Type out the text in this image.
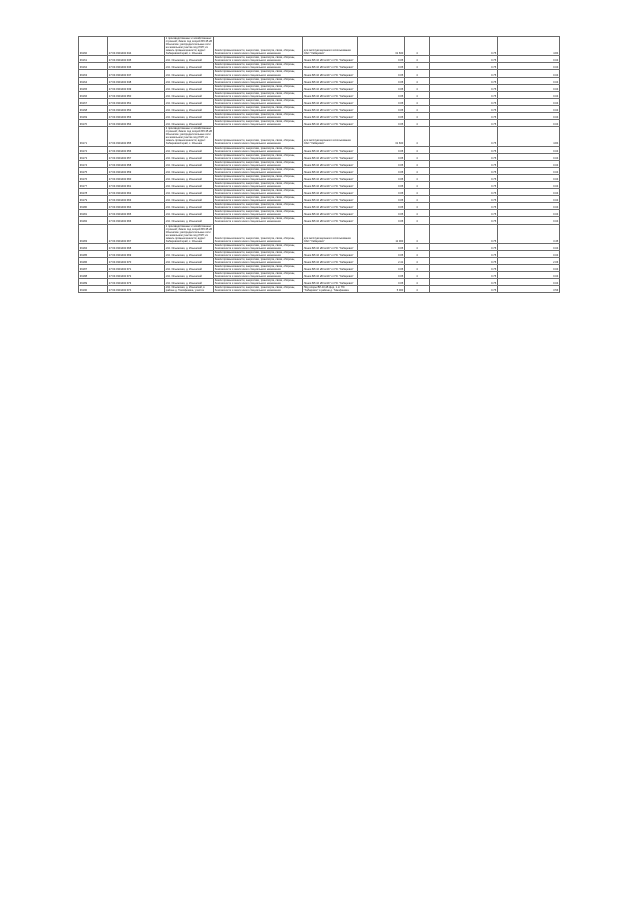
36160	27:04:0301402:944	1 производственных и хозяйственных строений; Земли под опорой ВЛ-35 кВ Ильинское; распределительные сети на земельном участке под ЛЭП; из земель промышленности; адрес: Хабаровский край, с. Ильинка	Земли промышленности, энергетики, транспорта, связи, обороны, безопасности и земли иного специального назначения	для эксплуатационного использования ОАО "Хабаровск"	31 600	4	0.75	4.84
36161	27:04:0301402:945	обл. Ильинская, д. Ильинский	Земли промышленности, энергетики, транспорта, связи, обороны, безопасности и земли иного специального назначения	Линия ВЛ-10 кВ №107 от ПС "Хабаровск"	0.05	4	0.75	0.04
36162	27:04:0301402:946	обл. Ильинская, д. Ильинский	Земли промышленности, энергетики, транспорта, связи, обороны, безопасности и земли иного специального назначения	Линия ВЛ-10 кВ №107 от ПС "Хабаровск"	0.05	4	0.75	0.04
36163	27:04:0301402:947	обл. Ильинская, д. Ильинский	Земли промышленности, энергетики, транспорта, связи, обороны, безопасности и земли иного специального назначения	Линия ВЛ-10 кВ №107 от ПС "Хабаровск"	0.05	4	0.75	0.04
36164	27:04:0301402:948	обл. Ильинская, д. Ильинский	Земли промышленности, энергетики, транспорта, связи, обороны, безопасности и земли иного специального назначения	Линия ВЛ-10 кВ №107 от ПС "Хабаровск"	0.05	4	0.75	0.04
36165	27:04:0301402:949	обл. Ильинская, д. Ильинский	Земли промышленности, энергетики, транспорта, связи, обороны, безопасности и земли иного специального назначения	Линия ВЛ-10 кВ №107 от ПС "Хабаровск"	0.05	4	0.75	0.04
36166	27:04:0301402:950	обл. Ильинская, д. Ильинский	Земли промышленности, энергетики, транспорта, связи, обороны, безопасности и земли иного специального назначения	Линия ВЛ-10 кВ №107 от ПС "Хабаровск"	0.05	4	0.75	0.04
36167	27:04:0301402:951	обл. Ильинская, д. Ильинский	Земли промышленности, энергетики, транспорта, связи, обороны, безопасности и земли иного специального назначения	Линия ВЛ-10 кВ №107 от ПС "Хабаровск"	0.05	4	0.75	0.04
36168	27:04:0301402:952	обл. Ильинская, д. Ильинский	Земли промышленности, энергетики, транспорта, связи, обороны, безопасности и земли иного специального назначения	Линия ВЛ-10 кВ №107 от ПС "Хабаровск"	0.05	4	0.75	0.04
36169	27:04:0301402:953	обл. Ильинская, д. Ильинский	Земли промышленности, энергетики, транспорта, связи, обороны, безопасности и земли иного специального назначения	Линия ВЛ-10 кВ №107 от ПС "Хабаровск"	0.05	4	0.75	0.04
36170	27:04:0301402:954	обл. Ильинская, д. Ильинский	Земли промышленности, энергетики, транспорта, связи, обороны, безопасности и земли иного специального назначения	Линия ВЛ-10 кВ №107 от ПС "Хабаровск"	0.05	4	0.75	0.04
36171	27:04:0301402:955	1 производственных и хозяйственных строений; Земли под опорой ВЛ-35 кВ Ильинское; распределительные сети на земельном участке под ЛЭП; из земель промышленности; адрес: Хабаровский край, с. Ильинка	Земли промышленности, энергетики, транспорта, связи, обороны, безопасности и земли иного специального назначения	для эксплуатационного использования ОАО "Хабаровск"	31 600	4	0.75	4.84
36172	27:04:0301402:956	обл. Ильинская, д. Ильинский	Земли промышленности, энергетики, транспорта, связи, обороны, безопасности и земли иного специального назначения	Линия ВЛ-10 кВ №107 от ПС "Хабаровск"	0.05	4	0.75	0.04
36173	27:04:0301402:957	обл. Ильинская, д. Ильинский	Земли промышленности, энергетики, транспорта, связи, обороны, безопасности и земли иного специального назначения	Линия ВЛ-10 кВ №107 от ПС "Хабаровск"	0.05	4	0.75	0.04
36174	27:04:0301402:958	обл. Ильинская, д. Ильинский	Земли промышленности, энергетики, транспорта, связи, обороны, безопасности и земли иного специального назначения	Линия ВЛ-10 кВ №107 от ПС "Хабаровск"	0.05	4	0.75	0.04
36175	27:04:0301402:959	обл. Ильинская, д. Ильинский	Земли промышленности, энергетики, транспорта, связи, обороны, безопасности и земли иного специального назначения	Линия ВЛ-10 кВ №107 от ПС "Хабаровск"	0.05	4	0.75	0.04
36176	27:04:0301402:960	обл. Ильинская, д. Ильинский	Земли промышленности, энергетики, транспорта, связи, обороны, безопасности и земли иного специального назначения	Линия ВЛ-10 кВ №107 от ПС "Хабаровск"	0.05	4	0.75	0.04
36177	27:04:0301402:961	обл. Ильинская, д. Ильинский	Земли промышленности, энергетики, транспорта, связи, обороны, безопасности и земли иного специального назначения	Линия ВЛ-10 кВ №107 от ПС "Хабаровск"	0.05	4	0.75	0.04
36178	27:04:0301402:962	обл. Ильинская, д. Ильинский	Земли промышленности, энергетики, транспорта, связи, обороны, безопасности и земли иного специального назначения	Линия ВЛ-10 кВ №107 от ПС "Хабаровск"	0.05	4	0.75	0.04
36179	27:04:0301402:963	обл. Ильинская, д. Ильинский	Земли промышленности, энергетики, транспорта, связи, обороны, безопасности и земли иного специального назначения	Линия ВЛ-10 кВ №107 от ПС "Хабаровск"	0.05	4	0.75	0.04
36180	27:04:0301402:964	обл. Ильинская, д. Ильинский	Земли промышленности, энергетики, транспорта, связи, обороны, безопасности и земли иного специального назначения	Линия ВЛ-10 кВ №107 от ПС "Хабаровск"	0.05	4	0.75	0.04
36181	27:04:0301402:965	обл. Ильинская, д. Ильинский	Земли промышленности, энергетики, транспорта, связи, обороны, безопасности и земли иного специального назначения	Линия ВЛ-10 кВ №107 от ПС "Хабаровск"	0.05	4	0.75	0.04
36182	27:04:0301402:966	обл. Ильинская, д. Ильинский	Земли промышленности, энергетики, транспорта, связи, обороны, безопасности и земли иного специального назначения	Линия ВЛ-10 кВ №107 от ПС "Хабаровск"	0.05	4	0.75	0.04
36183	27:04:0301402:967	1 производственных и хозяйственных строений; Земли под опорой ВЛ-35 кВ Ильинское; распределительные сети на земельном участке под ЛЭП; из земель промышленности; адрес: Хабаровский край, с. Ильинка	Земли промышленности, энергетики, транспорта, связи, обороны, безопасности и земли иного специального назначения	для эксплуатационного использования ОАО "Хабаровск"	11 000	4	0.75	3.45
36184	27:04:0301402:968	обл. Ильинская, д. Ильинский	Земли промышленности, энергетики, транспорта, связи, обороны, безопасности и земли иного специального назначения	Линия ВЛ-10 кВ №107 от ПС "Хабаровск"	0.05	4	0.75	0.04
36185	27:04:0301402:969	обл. Ильинская, д. Ильинский	Земли промышленности, энергетики, транспорта, связи, обороны, безопасности и земли иного специального назначения	Линия ВЛ-10 кВ №107 от ПС "Хабаровск"	0.05	4	0.75	0.04
36186	27:04:0301402:970	обл. Ильинская, д. Ильинский	Земли промышленности, энергетики, транспорта, связи, обороны, безопасности и земли иного специального назначения	Линия ВЛ-10 кВ №107 от ПС "Хабаровск"	2.41	4	0.75	2.06
36187	27:04:0301402:971	обл. Ильинская, д. Ильинский	Земли промышленности, энергетики, транспорта, связи, обороны, безопасности и земли иного специального назначения	Линия ВЛ-10 кВ №107 от ПС "Хабаровск"	0.05	4	0.75	0.04
36188	27:04:0301402:972	обл. Ильинская, д. Ильинский	Земли промышленности, энергетики, транспорта, связи, обороны, безопасности и земли иного специального назначения	Линия ВЛ-10 кВ №107 от ПС "Хабаровск"	0.05	4	0.75	0.04
36189	27:04:0301402:973	обл. Ильинская, д. Ильинский	Земли промышленности, энергетики, транспорта, связи, обороны, безопасности и земли иного специального назначения	Линия ВЛ-10 кВ №107 от ПС "Хабаровск"	0.05	4	0.75	0.04
36190	27:04:0301402:974	обл. Ильинская, д. Ильинский, в районе д. Тимофеевка, участок	Земли промышленности, энергетики, транспорта, связи, обороны, безопасности и земли иного специального назначения	Под опоры ВЛ-10 кВ фид. 1 от ПС "Хабаровск" в районе д. Тимофеевка	5 000	4	0.75	3.56
